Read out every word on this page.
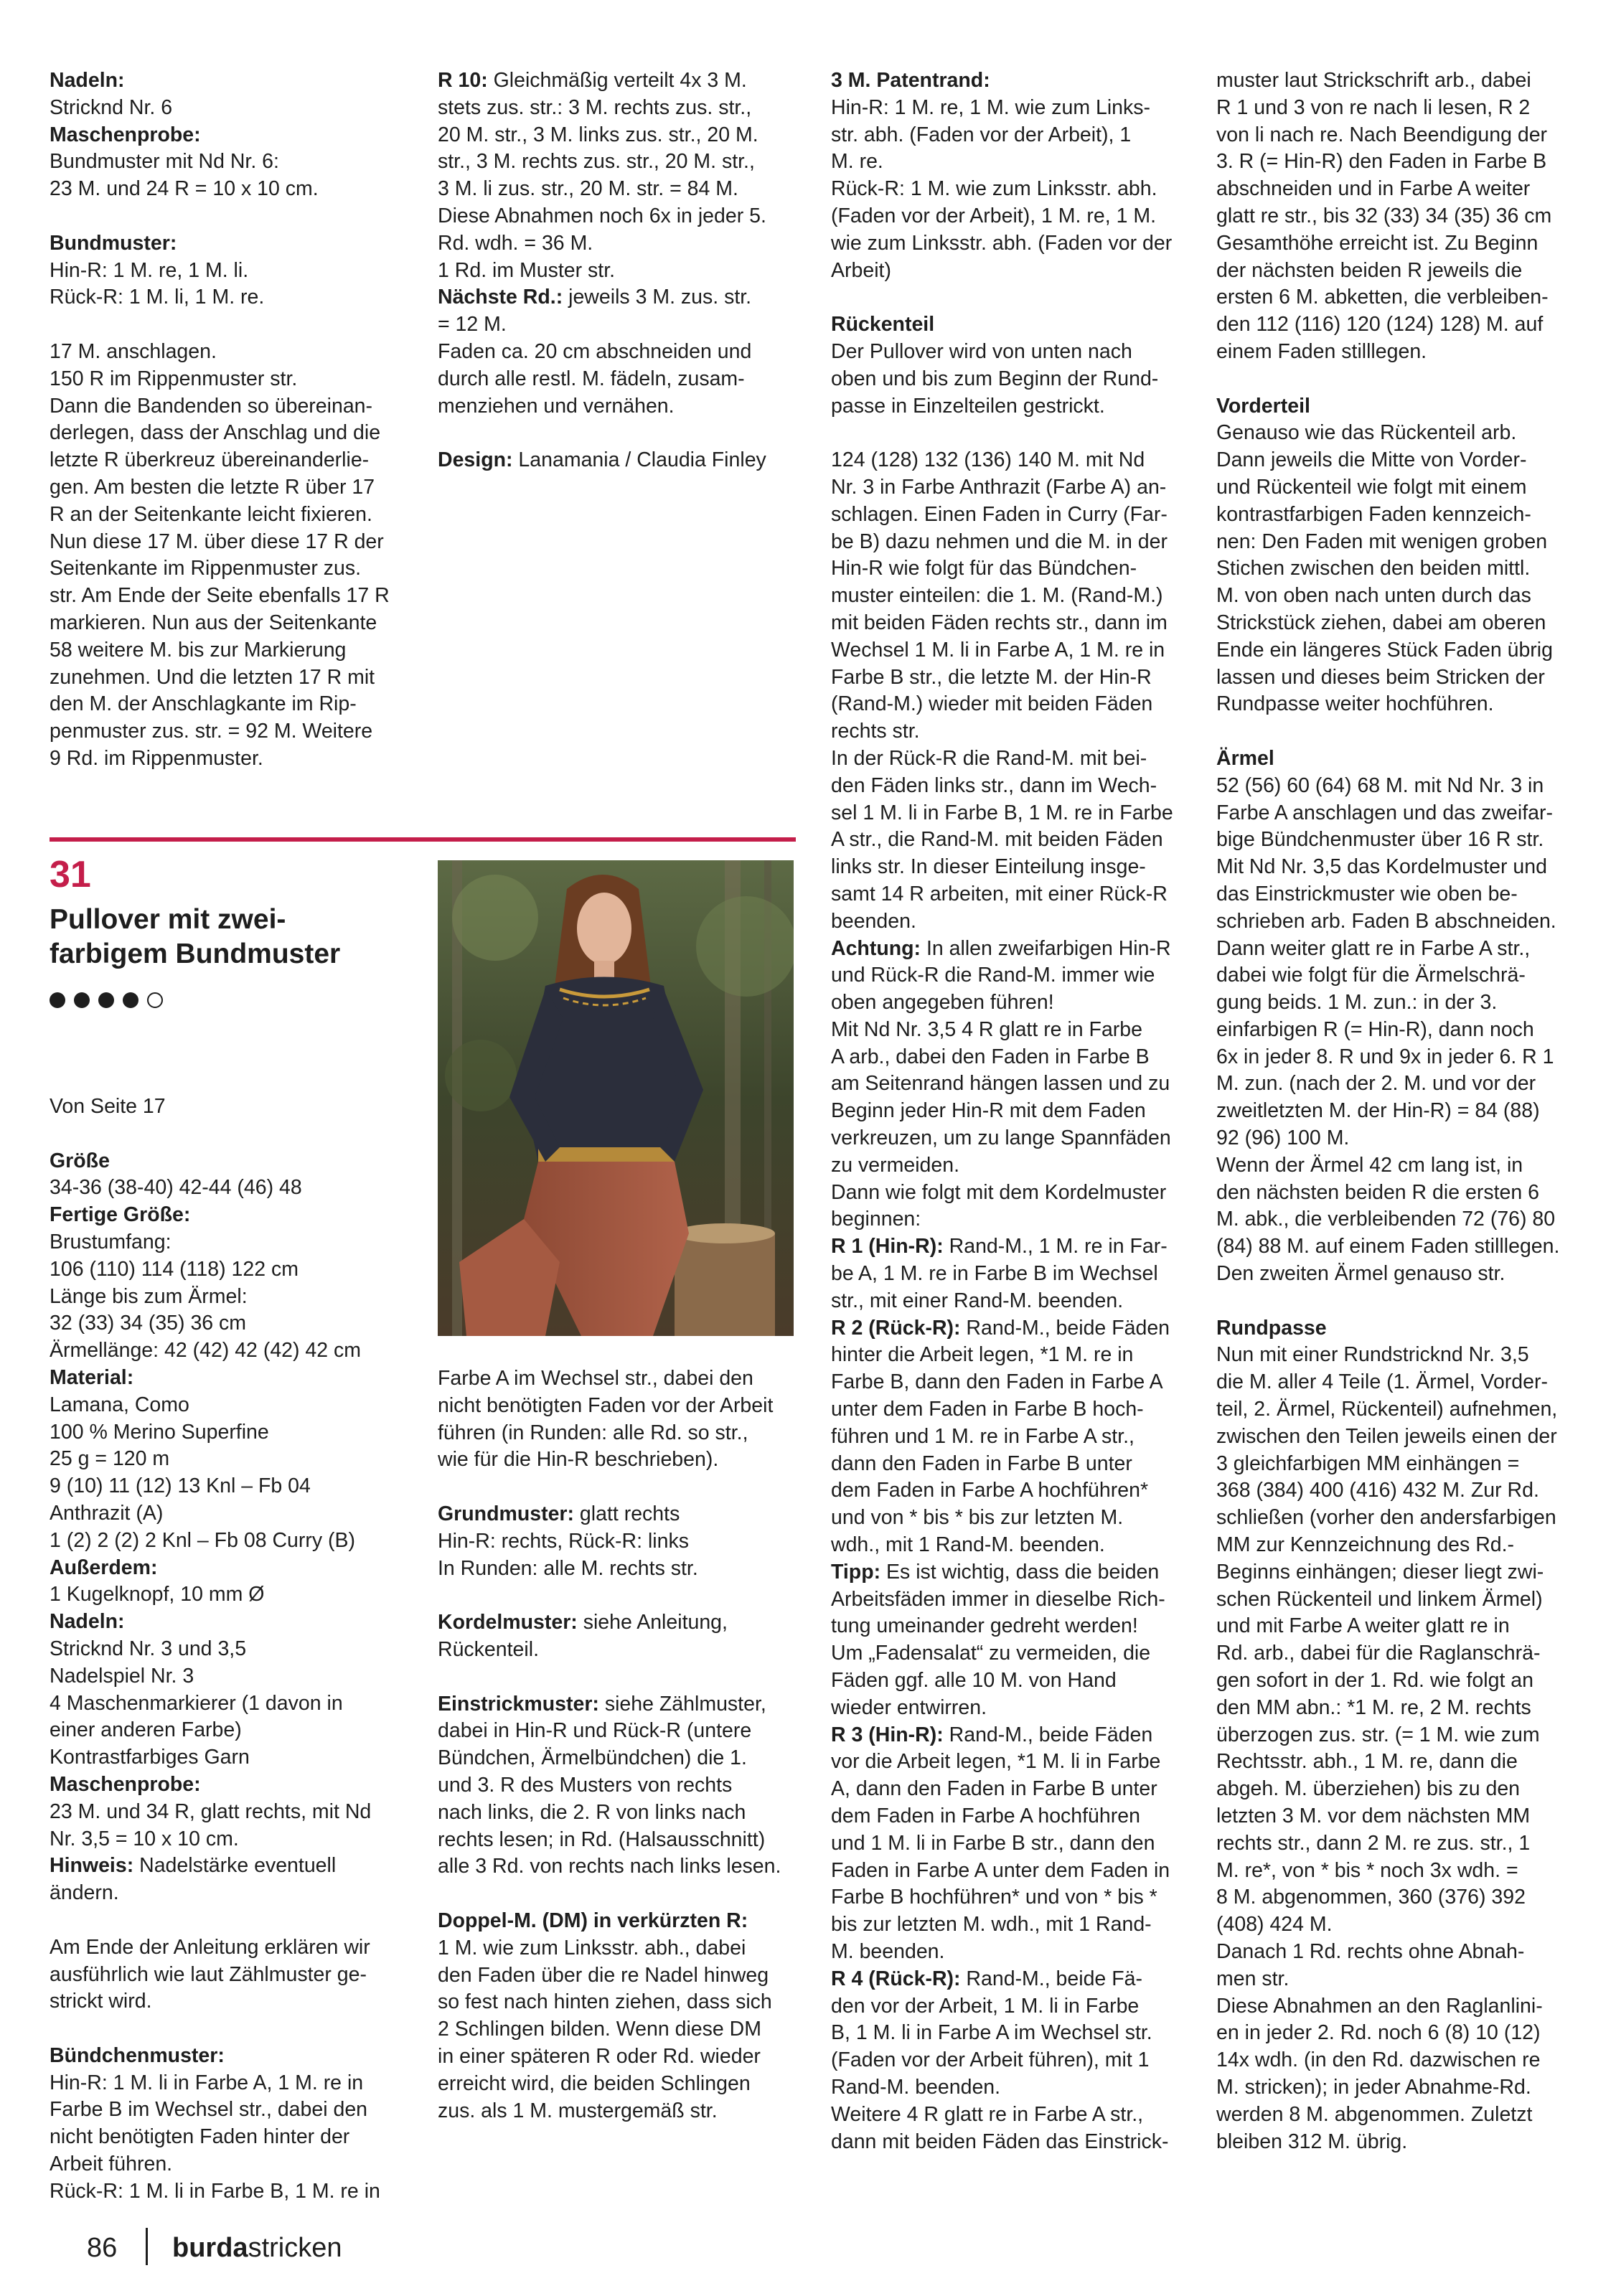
Nadeln:

Stricknd Nr. 6

Maschenprobe:

Bundmuster mit Nd Nr. 6:
23 M. und 24 R = 10 x 10 cm.

Bundmuster:

Hin-R: 1 M. re, 1 M. li.
Rück-R: 1 M. li, 1 M. re.

17 M. anschlagen.
150 R im Rippenmuster str.
Dann die Bandenden so übereinan-
derlegen, dass der Anschlag und die
letzte R überkreuz übereinanderlie-
gen. Am besten die letzte R über 17
R an der Seitenkante leicht fixieren.
Nun diese 17 M. über diese 17 R der
Seitenkante im Rippenmuster zus.
str. Am Ende der Seite ebenfalls 17 R
markieren. Nun aus der Seitenkante
58 weitere M. bis zur Markierung
zunehmen. Und die letzten 17 R mit
den M. der Anschlagkante im Rip-
penmuster zus. str. = 92 M. Weitere
9 Rd. im Rippenmuster.

31
Pullover mit zwei-
farbigem Bundmuster

Von Seite 17

Größe

34-36 (38-40) 42-44 (46) 48

Fertige Größe:

Brustumfang:
106 (110) 114 (118) 122 cm
Länge bis zum Ärmel:
32 (33) 34 (35) 36 cm
Ärmellänge: 42 (42) 42 (42) 42 cm

Material:

Lamana, Como
100 % Merino Superfine
25 g = 120 m
9 (10) 11 (12) 13 Knl – Fb 04
Anthrazit (A)
1 (2) 2 (2) 2 Knl – Fb 08 Curry (B)

Außerdem:

1 Kugelknopf, 10 mm Ø

Nadeln:

Stricknd Nr. 3 und 3,5
Nadelspiel Nr. 3
4 Maschenmarkierer (1 davon in
einer anderen Farbe)
Kontrastfarbiges Garn

Maschenprobe:

23 M. und 34 R, glatt rechts, mit Nd
Nr. 3,5 = 10 x 10 cm.

Hinweis: Nadelstärke eventuell
ändern.

Am Ende der Anleitung erklären wir
ausführlich wie laut Zählmuster ge-
strickt wird.

Bündchenmuster:

Hin-R: 1 M. li in Farbe A, 1 M. re in
Farbe B im Wechsel str., dabei den
nicht benötigten Faden hinter der
Arbeit führen.
Rück-R: 1 M. li in Farbe B, 1 M. re in

R 10: Gleichmäßig verteilt 4x 3 M.
stets zus. str.: 3 M. rechts zus. str.,
20 M. str., 3 M. links zus. str., 20 M.
str., 3 M. rechts zus. str., 20 M. str.,
3 M. li zus. str., 20 M. str. = 84 M.
Diese Abnahmen noch 6x in jeder 5.
Rd. wdh. = 36 M.
1 Rd. im Muster str.

Nächste Rd.: jeweils 3 M. zus. str.
= 12 M.
Faden ca. 20 cm abschneiden und
durch alle restl. M. fädeln, zusam-
menziehen und vernähen.

Design: Lanamania / Claudia Finley

Farbe A im Wechsel str., dabei den
nicht benötigten Faden vor der Arbeit
führen (in Runden: alle Rd. so str.,
wie für die Hin-R beschrieben).

Grundmuster: glatt rechts
Hin-R: rechts, Rück-R: links
In Runden: alle M. rechts str.

Kordelmuster: siehe Anleitung,
Rückenteil.

Einstrickmuster: siehe Zählmuster,
dabei in Hin-R und Rück-R (untere
Bündchen, Ärmelbündchen) die 1.
und 3. R des Musters von rechts
nach links, die 2. R von links nach
rechts lesen; in Rd. (Halsausschnitt)
alle 3 Rd. von rechts nach links lesen.

Doppel-M. (DM) in verkürzten R:
1 M. wie zum Linksstr. abh., dabei
den Faden über die re Nadel hinweg
so fest nach hinten ziehen, dass sich
2 Schlingen bilden. Wenn diese DM
in einer späteren R oder Rd. wieder
erreicht wird, die beiden Schlingen
zus. als 1 M. mustergemäß str.

3 M. Patentrand:

Hin-R: 1 M. re, 1 M. wie zum Links-
str. abh. (Faden vor der Arbeit), 1
M. re.
Rück-R: 1 M. wie zum Linksstr. abh.
(Faden vor der Arbeit), 1 M. re, 1 M.
wie zum Linksstr. abh. (Faden vor der
Arbeit)

Rückenteil

Der Pullover wird von unten nach
oben und bis zum Beginn der Rund-
passe in Einzelteilen gestrickt.

124 (128) 132 (136) 140 M. mit Nd
Nr. 3 in Farbe Anthrazit (Farbe A) an-
schlagen. Einen Faden in Curry (Far-
be B) dazu nehmen und die M. in der
Hin-R wie folgt für das Bündchen-
muster einteilen: die 1. M. (Rand-M.)
mit beiden Fäden rechts str., dann im
Wechsel 1 M. li in Farbe A, 1 M. re in
Farbe B str., die letzte M. der Hin-R
(Rand-M.) wieder mit beiden Fäden
rechts str.
In der Rück-R die Rand-M. mit bei-
den Fäden links str., dann im Wech-
sel 1 M. li in Farbe B, 1 M. re in Farbe
A str., die Rand-M. mit beiden Fäden
links str. In dieser Einteilung insge-
samt 14 R arbeiten, mit einer Rück-R
beenden.

Achtung: In allen zweifarbigen Hin-R
und Rück-R die Rand-M. immer wie
oben angegeben führen!
Mit Nd Nr. 3,5 4 R glatt re in Farbe
A arb., dabei den Faden in Farbe B
am Seitenrand hängen lassen und zu
Beginn jeder Hin-R mit dem Faden
verkreuzen, um zu lange Spannfäden
zu vermeiden.
Dann wie folgt mit dem Kordelmuster
beginnen:

R 1 (Hin-R): Rand-M., 1 M. re in Far-
be A, 1 M. re in Farbe B im Wechsel
str., mit einer Rand-M. beenden.

R 2 (Rück-R): Rand-M., beide Fäden
hinter die Arbeit legen, *1 M. re in
Farbe B, dann den Faden in Farbe A
unter dem Faden in Farbe B hoch-
führen und 1 M. re in Farbe A str.,
dann den Faden in Farbe B unter
dem Faden in Farbe A hochführen*
und von * bis * bis zur letzten M.
wdh., mit 1 Rand-M. beenden.

Tipp: Es ist wichtig, dass die beiden
Arbeitsfäden immer in dieselbe Rich-
tung umeinander gedreht werden!
Um „Fadensalat“ zu vermeiden, die
Fäden ggf. alle 10 M. von Hand
wieder entwirren.

R 3 (Hin-R): Rand-M., beide Fäden
vor die Arbeit legen, *1 M. li in Farbe
A, dann den Faden in Farbe B unter
dem Faden in Farbe A hochführen
und 1 M. li in Farbe B str., dann den
Faden in Farbe A unter dem Faden in
Farbe B hochführen* und von * bis *
bis zur letzten M. wdh., mit 1 Rand-
M. beenden.

R 4 (Rück-R): Rand-M., beide Fä-
den vor der Arbeit, 1 M. li in Farbe
B, 1 M. li in Farbe A im Wechsel str.
(Faden vor der Arbeit führen), mit 1
Rand-M. beenden.
Weitere 4 R glatt re in Farbe A str.,
dann mit beiden Fäden das Einstrick-

muster laut Strickschrift arb., dabei
R 1 und 3 von re nach li lesen, R 2
von li nach re. Nach Beendigung der
3. R (= Hin-R) den Faden in Farbe B
abschneiden und in Farbe A weiter
glatt re str., bis 32 (33) 34 (35) 36 cm
Gesamthöhe erreicht ist. Zu Beginn
der nächsten beiden R jeweils die
ersten 6 M. abketten, die verbleiben-
den 112 (116) 120 (124) 128) M. auf
einem Faden stilllegen.

Vorderteil

Genauso wie das Rückenteil arb.
Dann jeweils die Mitte von Vorder-
und Rückenteil wie folgt mit einem
kontrastfarbigen Faden kennzeich-
nen: Den Faden mit wenigen groben
Stichen zwischen den beiden mittl.
M. von oben nach unten durch das
Strickstück ziehen, dabei am oberen
Ende ein längeres Stück Faden übrig
lassen und dieses beim Stricken der
Rundpasse weiter hochführen.

Ärmel

52 (56) 60 (64) 68 M. mit Nd Nr. 3 in
Farbe A anschlagen und das zweifar-
bige Bündchenmuster über 16 R str.
Mit Nd Nr. 3,5 das Kordelmuster und
das Einstrickmuster wie oben be-
schrieben arb. Faden B abschneiden.
Dann weiter glatt re in Farbe A str.,
dabei wie folgt für die Ärmelschrä-
gung beids. 1 M. zun.: in der 3.
einfarbigen R (= Hin-R), dann noch
6x in jeder 8. R und 9x in jeder 6. R 1
M. zun. (nach der 2. M. und vor der
zweitletzten M. der Hin-R) = 84 (88)
92 (96) 100 M.
Wenn der Ärmel 42 cm lang ist, in
den nächsten beiden R die ersten 6
M. abk., die verbleibenden 72 (76) 80
(84) 88 M. auf einem Faden stilllegen.
Den zweiten Ärmel genauso str.

Rundpasse

Nun mit einer Rundstricknd Nr. 3,5
die M. aller 4 Teile (1. Ärmel, Vorder-
teil, 2. Ärmel, Rückenteil) aufnehmen,
zwischen den Teilen jeweils einen der
3 gleichfarbigen MM einhängen =
368 (384) 400 (416) 432 M. Zur Rd.
schließen (vorher den andersfarbigen
MM zur Kennzeichnung des Rd.-
Beginns einhängen; dieser liegt zwi-
schen Rückenteil und linkem Ärmel)
und mit Farbe A weiter glatt re in
Rd. arb., dabei für die Raglanschrä-
gen sofort in der 1. Rd. wie folgt an
den MM abn.: *1 M. re, 2 M. rechts
überzogen zus. str. (= 1 M. wie zum
Rechtsstr. abh., 1 M. re, dann die
abgeh. M. überziehen) bis zu den
letzten 3 M. vor dem nächsten MM
rechts str., dann 2 M. re zus. str., 1
M. re*, von * bis * noch 3x wdh. =
8 M. abgenommen, 360 (376) 392
(408) 424 M.
Danach 1 Rd. rechts ohne Abnah-
men str.
Diese Abnahmen an den Raglanlini-
en in jeder 2. Rd. noch 6 (8) 10 (12)
14x wdh. (in den Rd. dazwischen re
M. stricken); in jeder Abnahme-Rd.
werden 8 M. abgenommen. Zuletzt
bleiben 312 M. übrig.

86 burdastricken
